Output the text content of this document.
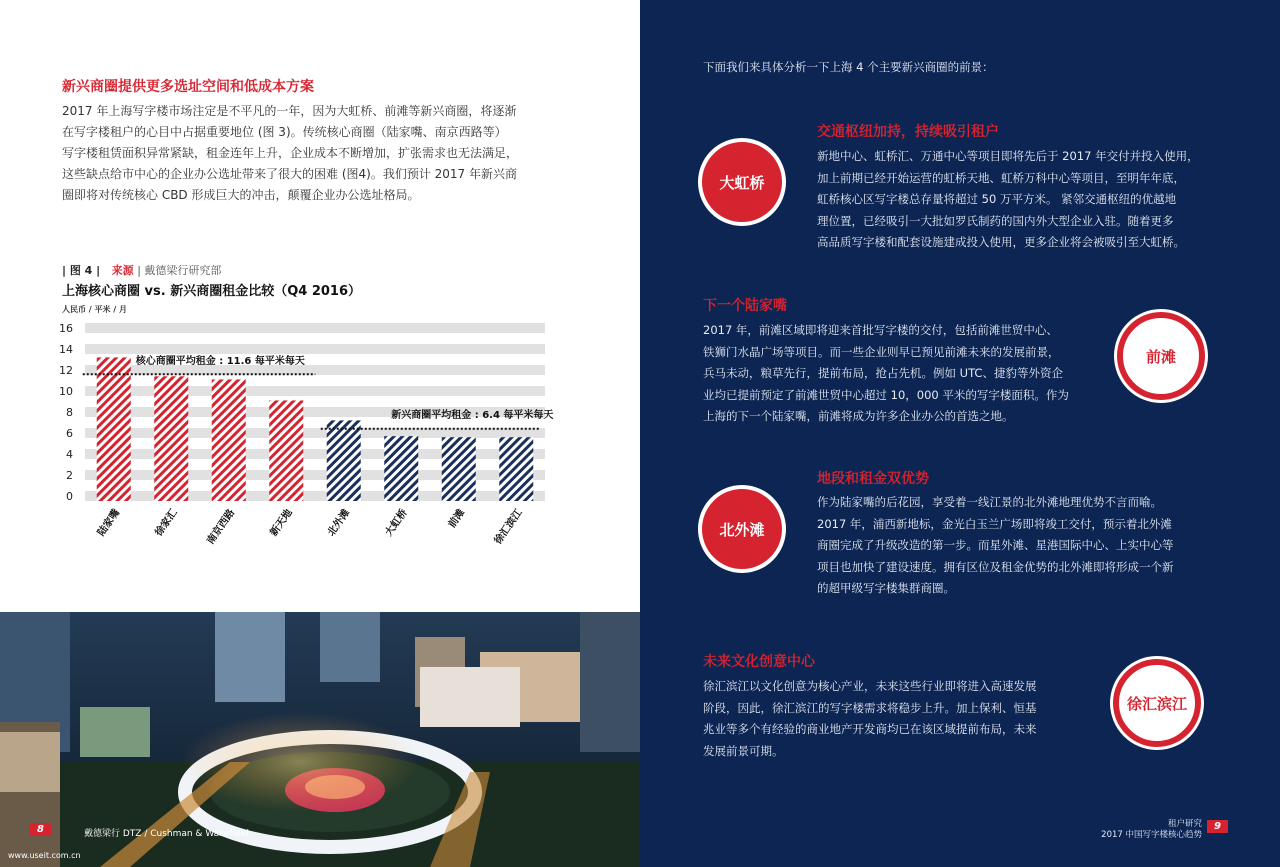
新兴商圈提供更多选址空间和低成本方案
2017 年上海写字楼市场注定是不平凡的一年，因为大虹桥、前滩等新兴商圈，将逐渐
在写字楼租户的心目中占据重要地位 (图 3)。传统核心商圈（陆家嘴、南京西路等）
写字楼租赁面积异常紧缺，租金连年上升，企业成本不断增加，扩张需求也无法满足，
这些缺点给市中心的企业办公选址带来了很大的困难 (图4)。我们预计 2017 年新兴商
圈即将对传统核心 CBD 形成巨大的冲击，颠覆企业办公选址格局。
| 图 4 | 来源 | 戴德梁行研究部
上海核心商圈 vs. 新兴商圈租金比较（Q4 2016）
人民币 / 平米 / 月
0
2
4
6
8
10
12
14
16
核心商圈平均租金 : 11.6 每平米每天
新兴商圈平均租金 : 6.4 每平米每天
陆家嘴	徐家汇	南京西路	新天地	北外滩	大虹桥	前滩	徐汇滨江
8	戴德梁行 DTZ / Cushman & Wakefield
www.useit.com.cn
下面我们来具体分析一下上海 4 个主要新兴商圈的前景：
大虹桥
交通枢纽加持，持续吸引租户
新地中心、虹桥汇、万通中心等项目即将先后于 2017 年交付并投入使用，
加上前期已经开始运营的虹桥天地、虹桥万科中心等项目，至明年年底，
虹桥核心区写字楼总存量将超过 50 万平方米。 紧邻交通枢纽的优越地
理位置，已经吸引一大批如罗氏制药的国内外大型企业入驻。随着更多
高品质写字楼和配套设施建成投入使用，更多企业将会被吸引至大虹桥。
下一个陆家嘴
2017 年，前滩区域即将迎来首批写字楼的交付，包括前滩世贸中心、
铁狮门水晶广场等项目。而一些企业则早已预见前滩未来的发展前景，
兵马未动，粮草先行，提前布局，抢占先机。例如 UTC、捷豹等外资企
业均已提前预定了前滩世贸中心超过 10，000 平米的写字楼面积。作为
上海的下一个陆家嘴，前滩将成为许多企业办公的首选之地。
前滩
北外滩
地段和租金双优势
作为陆家嘴的后花园，享受着一线江景的北外滩地理优势不言而喻。
2017 年，浦西新地标，金光白玉兰广场即将竣工交付，预示着北外滩
商圈完成了升级改造的第一步。而星外滩、星港国际中心、上实中心等
项目也加快了建设速度。拥有区位及租金优势的北外滩即将形成一个新
的超甲级写字楼集群商圈。
未来文化创意中心
徐汇滨江以文化创意为核心产业，未来这些行业即将进入高速发展
阶段，因此，徐汇滨江的写字楼需求将稳步上升。加上保利、恒基
兆业等多个有经验的商业地产开发商均已在该区域提前布局，未来
发展前景可期。
徐汇滨江
租户研究
2017 中国写字楼核心趋势
9
